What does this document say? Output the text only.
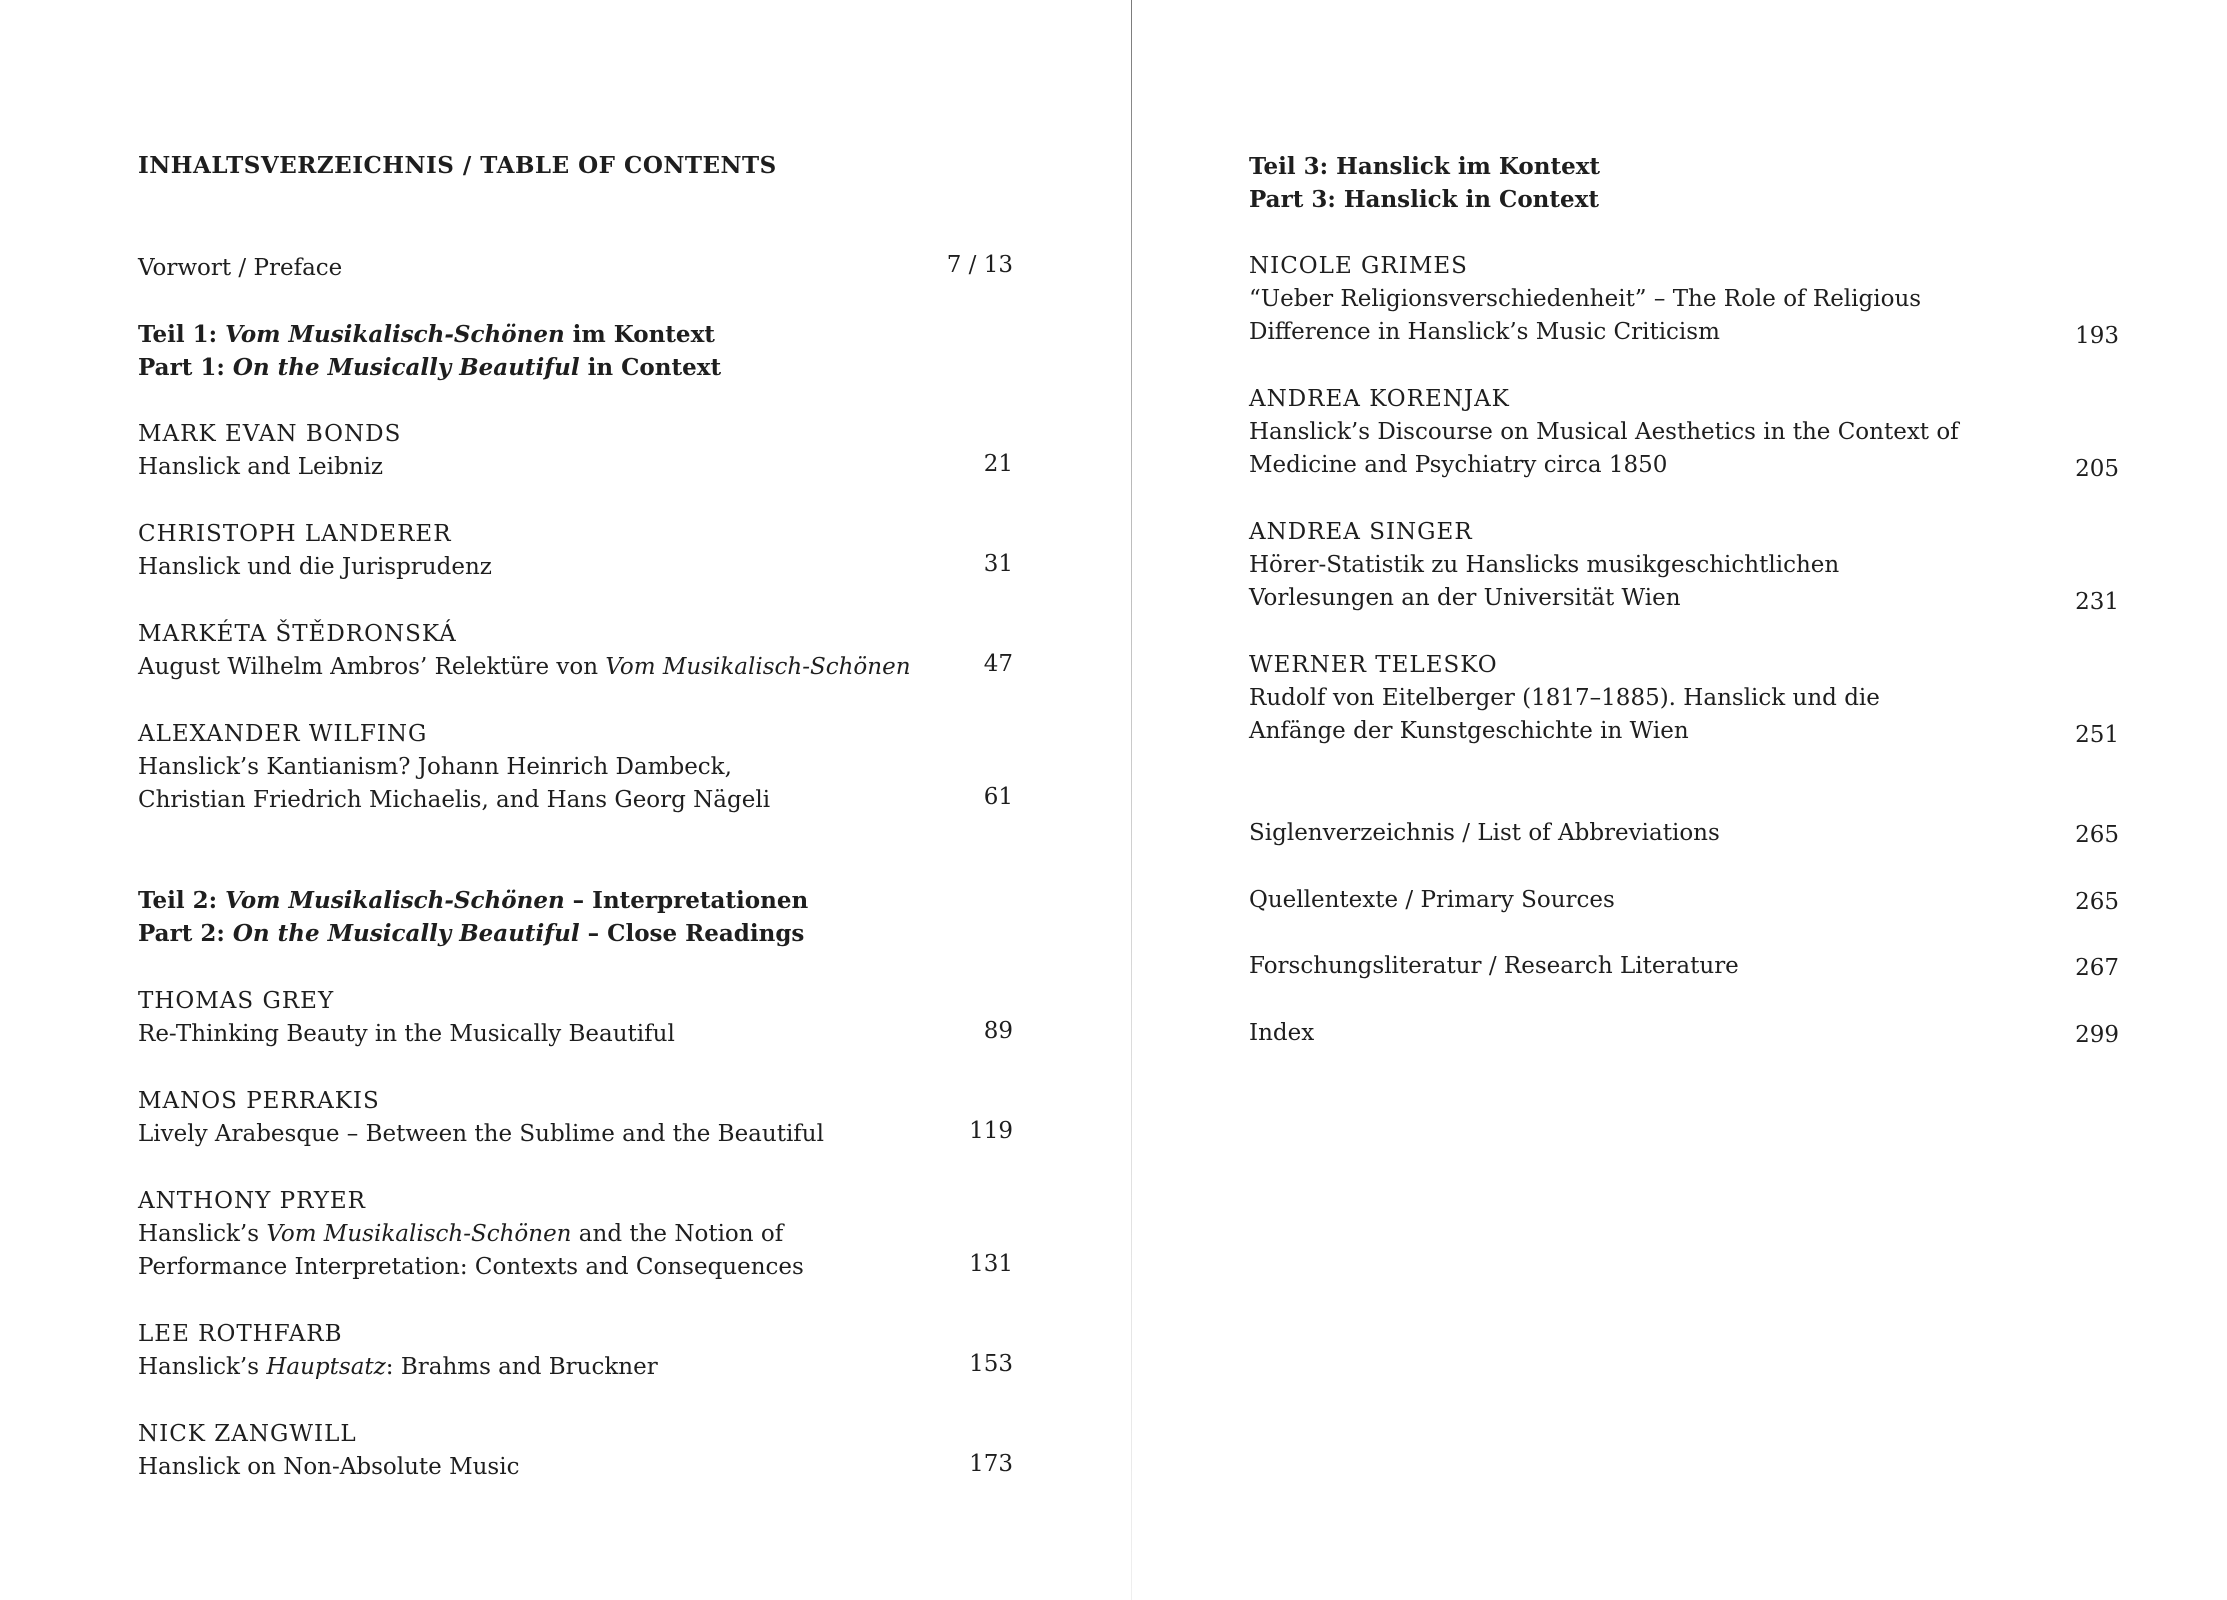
INHALTSVERZEICHNIS / TABLE OF CONTENTS
Vorwort / Preface	7 / 13
Teil 1: Vom Musikalisch-Schönen im Kontext
Part 1: On the Musically Beautiful in Context
MARK EVAN BONDS
Hanslick and Leibniz	21
CHRISTOPH LANDERER
Hanslick und die Jurisprudenz	31
MARKÉTA ŠTĚDRONSKÁ
August Wilhelm Ambros’ Relektüre von Vom Musikalisch-Schönen	47
ALEXANDER WILFING
Hanslick’s Kantianism? Johann Heinrich Dambeck,
Christian Friedrich Michaelis, and Hans Georg Nägeli	61
Teil 2: Vom Musikalisch-Schönen – Interpretationen
Part 2: On the Musically Beautiful – Close Readings
THOMAS GREY
Re-Thinking Beauty in the Musically Beautiful	89
MANOS PERRAKIS
Lively Arabesque – Between the Sublime and the Beautiful	119
ANTHONY PRYER
Hanslick’s Vom Musikalisch-Schönen and the Notion of
Performance Interpretation: Contexts and Consequences	131
LEE ROTHFARB
Hanslick’s Hauptsatz: Brahms and Bruckner	153
NICK ZANGWILL
Hanslick on Non-Absolute Music	173
Teil 3: Hanslick im Kontext
Part 3: Hanslick in Context
NICOLE GRIMES
“Ueber Religionsverschiedenheit” – The Role of Religious
Difference in Hanslick’s Music Criticism	193
ANDREA KORENJAK
Hanslick’s Discourse on Musical Aesthetics in the Context of
Medicine and Psychiatry circa 1850	205
ANDREA SINGER
Hörer-Statistik zu Hanslicks musikgeschichtlichen
Vorlesungen an der Universität Wien	231
WERNER TELESKO
Rudolf von Eitelberger (1817–1885). Hanslick und die
Anfänge der Kunstgeschichte in Wien	251
Siglenverzeichnis / List of Abbreviations	265
Quellentexte / Primary Sources	265
Forschungsliteratur / Research Literature	267
Index	299
